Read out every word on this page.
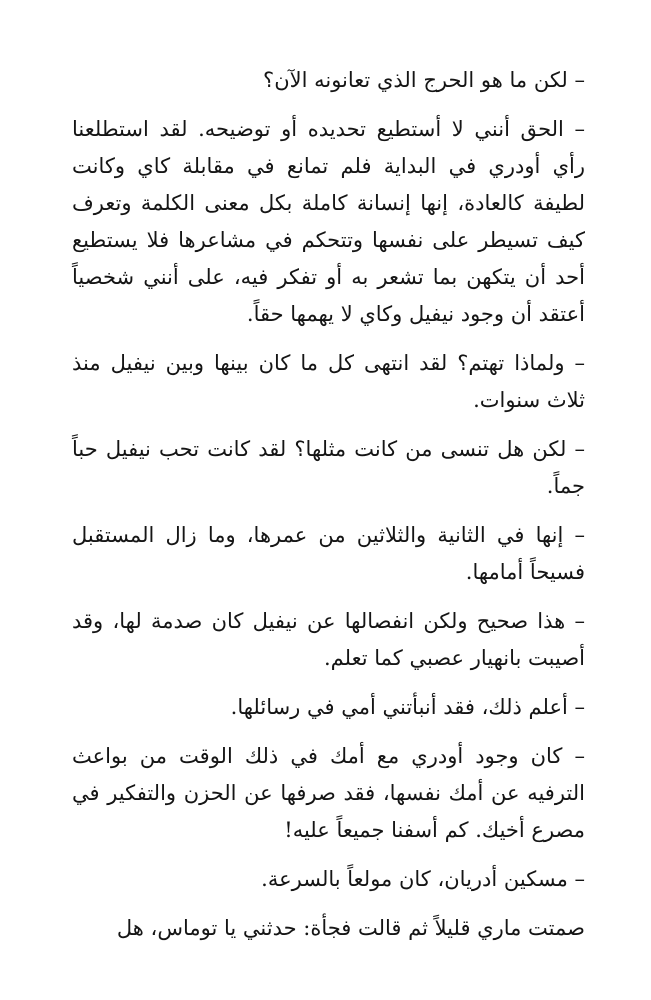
– لكن ما هو الحرج الذي تعانونه الآن؟

– الحق أنني لا أستطيع تحديده أو توضيحه. لقد استطلعنا رأي أودري في البداية فلم تمانع في مقابلة كاي وكانت لطيفة كالعادة، إنها إنسانة كاملة بكل معنى الكلمة وتعرف كيف تسيطر على نفسها وتتحكم في مشاعرها فلا يستطيع أحد أن يتكهن بما تشعر به أو تفكر فيه، على أنني شخصياً أعتقد أن وجود نيفيل وكاي لا يهمها حقاً.

– ولماذا تهتم؟ لقد انتهى كل ما كان بينها وبين نيفيل منذ ثلاث سنوات.

– لكن هل تنسى من كانت مثلها؟ لقد كانت تحب نيفيل حباً جماً.

– إنها في الثانية والثلاثين من عمرها، وما زال المستقبل فسيحاً أمامها.

– هذا صحيح ولكن انفصالها عن نيفيل كان صدمة لها، وقد أصيبت بانهيار عصبي كما تعلم.

– أعلم ذلك، فقد أنبأتني أمي في رسائلها.

– كان وجود أودري مع أمك في ذلك الوقت من بواعث الترفيه عن أمك نفسها، فقد صرفها عن الحزن والتفكير في مصرع أخيك. كم أسفنا جميعاً عليه!

– مسكين أدريان، كان مولعاً بالسرعة.

صمتت ماري قليلاً ثم قالت فجأة: حدثني يا توماس، هل
